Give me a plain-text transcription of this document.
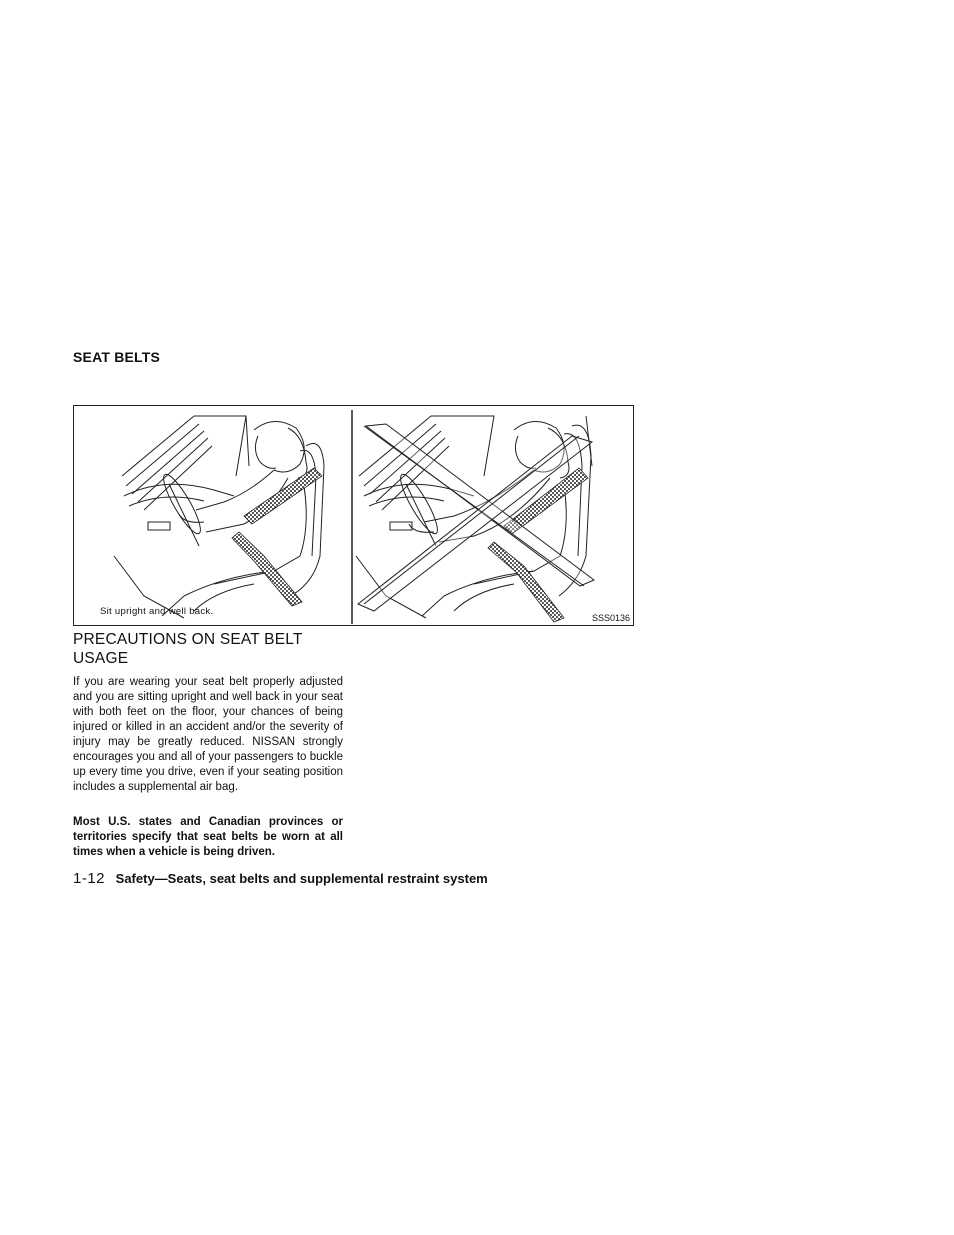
SEAT BELTS
Sit upright and well back.
SSS0136
PRECAUTIONS ON SEAT BELT USAGE

If you are wearing your seat belt properly adjusted and you are sitting upright and well back in your seat with both feet on the floor, your chances of being injured or killed in an accident and/or the severity of injury may be greatly reduced. NISSAN strongly encourages you and all of your passengers to buckle up every time you drive, even if your seating position includes a supplemental air bag.

Most U.S. states and Canadian provinces or territories specify that seat belts be worn at all times when a vehicle is being driven.

1-12 Safety—Seats, seat belts and supplemental restraint system
